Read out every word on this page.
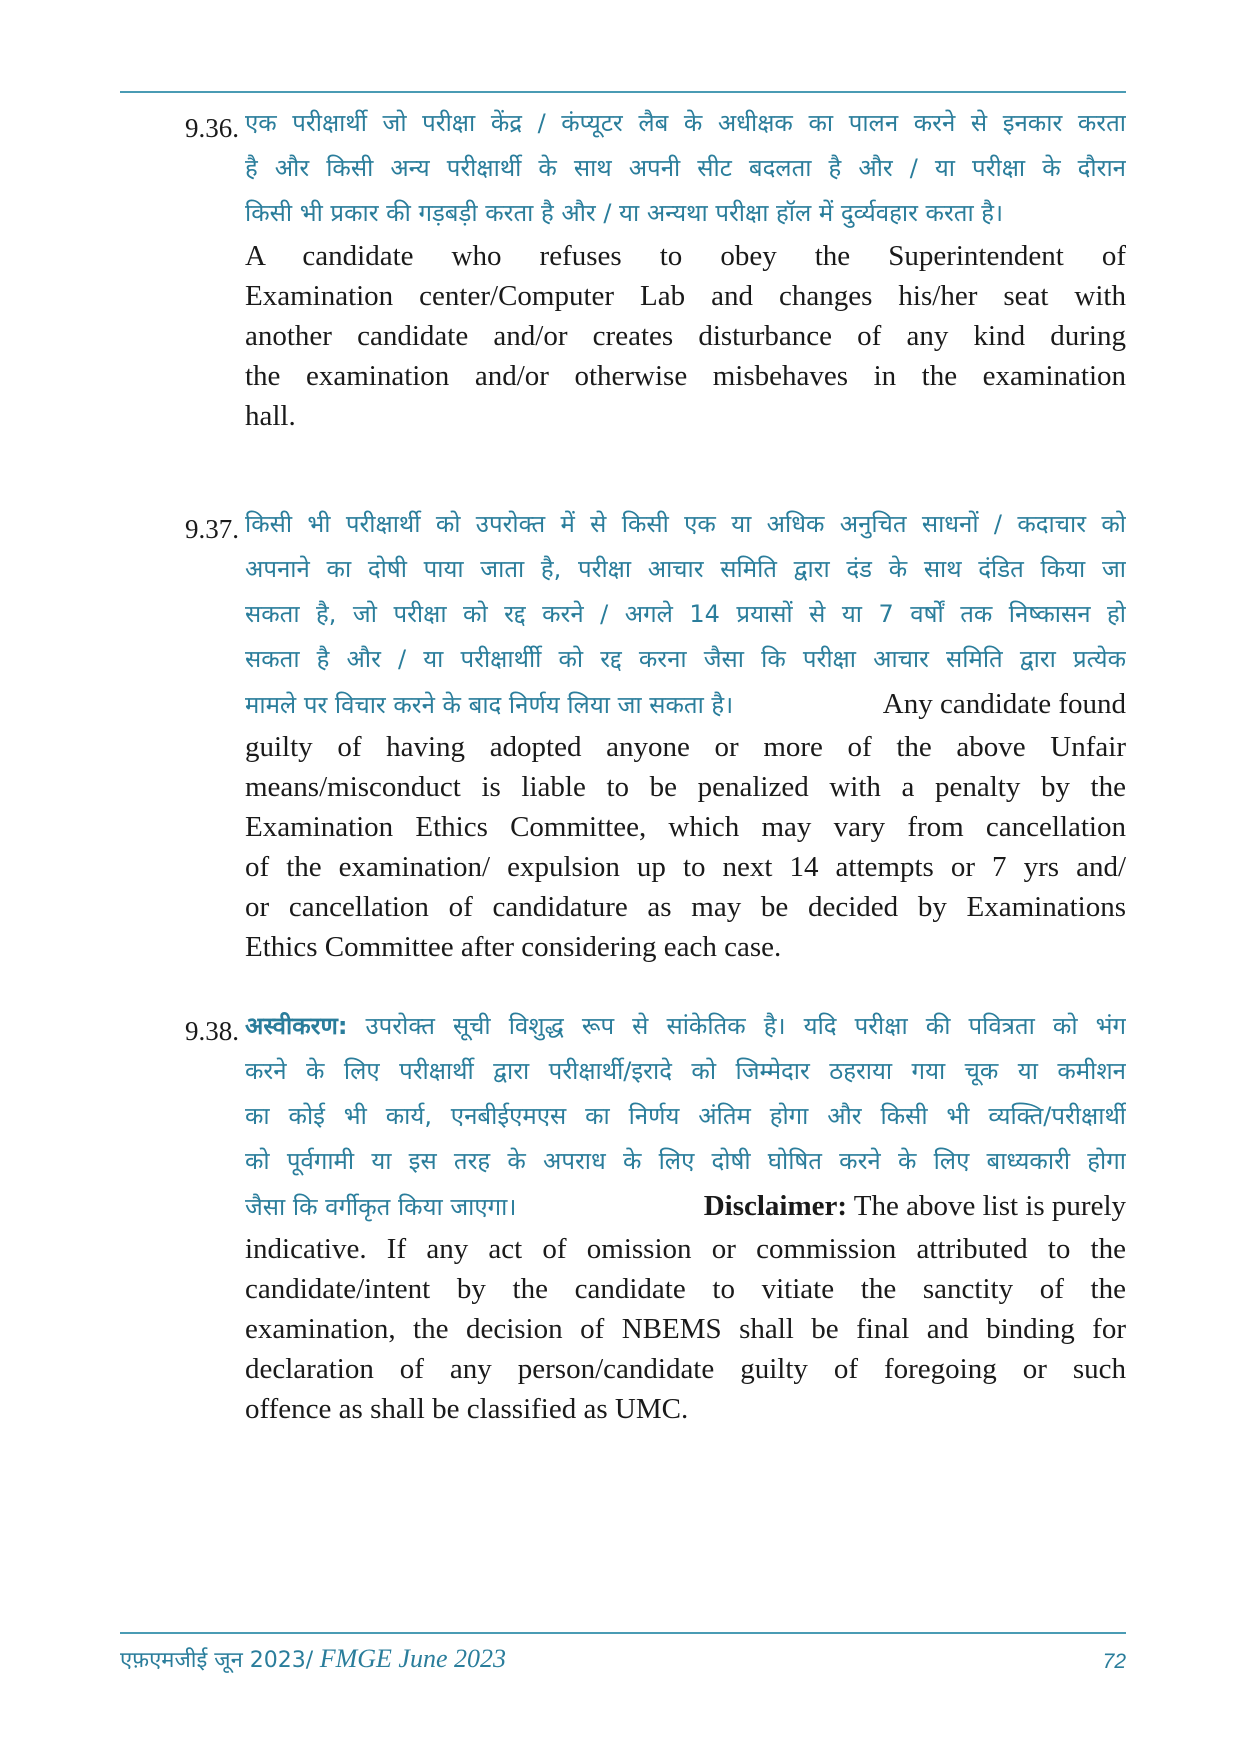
9.36. एक परीक्षार्थी जो परीक्षा केंद्र / कंप्यूटर लैब के अधीक्षक का पालन करने से इनकार करता
है और किसी अन्य परीक्षार्थी के साथ अपनी सीट बदलता है और / या परीक्षा के दौरान
किसी भी प्रकार की गड़बड़ी करता है और / या अन्यथा परीक्षा हॉल में दुर्व्यवहार करता है।
A candidate who refuses to obey the Superintendent of
Examination center/Computer Lab and changes his/her seat with
another candidate and/or creates disturbance of any kind during
the examination and/or otherwise misbehaves in the examination
hall.
9.37. किसी भी परीक्षार्थी को उपरोक्त में से किसी एक या अधिक अनुचित साधनों / कदाचार को
अपनाने का दोषी पाया जाता है, परीक्षा आचार समिति द्वारा दंड के साथ दंडित किया जा
सकता है, जो परीक्षा को रद्द करने / अगले 14 प्रयासों से या 7 वर्षों तक निष्कासन हो
सकता है और / या परीक्षार्थीी को रद्द करना जैसा कि परीक्षा आचार समिति द्वारा प्रत्येक
मामले पर विचार करने के बाद निर्णय लिया जा सकता है।	Any candidate found
guilty of having adopted anyone or more of the above Unfair
means/misconduct is liable to be penalized with a penalty by the
Examination Ethics Committee, which may vary from cancellation
of the examination/ expulsion up to next 14 attempts or 7 yrs and/
or cancellation of candidature as may be decided by Examinations
Ethics Committee after considering each case.
9.38. अस्वीकरण: उपरोक्त सूची विशुद्ध रूप से सांकेतिक है। यदि परीक्षा की पवित्रता को भंग
करने के लिए परीक्षार्थी द्वारा परीक्षार्थी/इरादे को जिम्मेदार ठहराया गया चूक या कमीशन
का कोई भी कार्य, एनबीईएमएस का निर्णय अंतिम होगा और किसी भी व्यक्ति/परीक्षार्थी
को पूर्वगामी या इस तरह के अपराध के लिए दोषी घोषित करने के लिए बाध्यकारी होगा
जैसा कि वर्गीकृत किया जाएगा।	Disclaimer: The above list is purely
indicative. If any act of omission or commission attributed to the
candidate/intent by the candidate to vitiate the sanctity of the
examination, the decision of NBEMS shall be final and binding for
declaration of any person/candidate guilty of foregoing or such
offence as shall be classified as UMC.
एफ़एमजीई जून 2023/ FMGE June 2023	72
